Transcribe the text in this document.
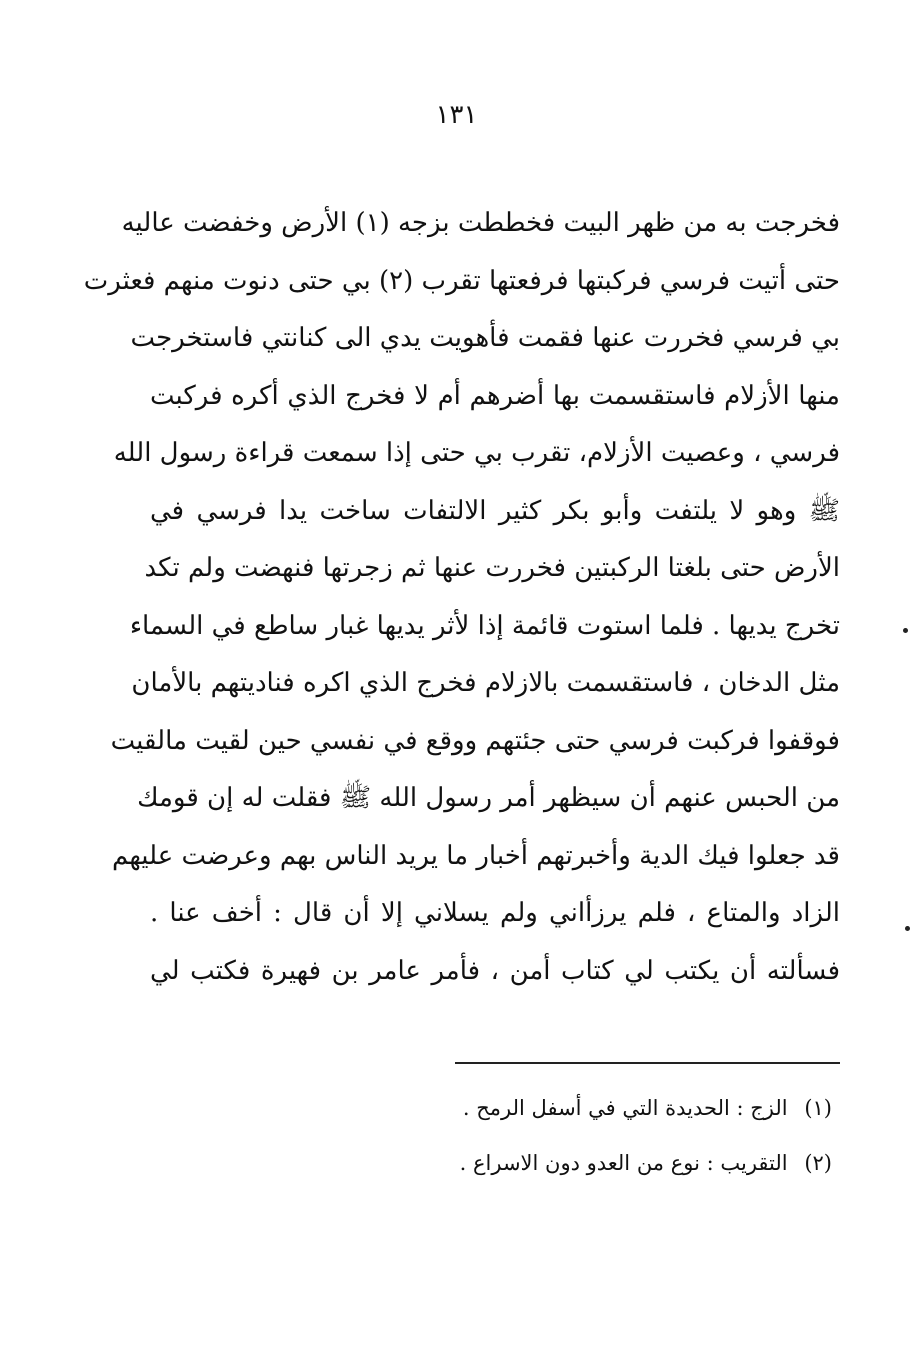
١٣١
فخرجت به من ظهر البيت فخططت بزجه (١) الأرض وخفضت عاليه
حتى أتيت فرسي فركبتها فرفعتها تقرب (٢) بي حتى دنوت منهم فعثرت
بي فرسي فخررت عنها فقمت فأهويت يدي الى كنانتي فاستخرجت
منها الأزلام فاستقسمت بها أضرهم أم لا فخرج الذي أكره فركبت
فرسي ، وعصيت الأزلام، تقرب بي حتى إذا سمعت قراءة رسول الله
ﷺ وهو لا يلتفت وأبو بكر كثير الالتفات ساخت يدا فرسي في
الأرض حتى بلغتا الركبتين فخررت عنها ثم زجرتها فنهضت ولم تكد
تخرج يديها . فلما استوت قائمة إذا لأثر يديها غبار ساطع في السماء
مثل الدخان ، فاستقسمت بالازلام فخرج الذي اكره فناديتهم بالأمان
فوقفوا فركبت فرسي حتى جئتهم ووقع في نفسي حين لقيت مالقيت
من الحبس عنهم أن سيظهر أمر رسول الله ﷺ فقلت له إن قومك
قد جعلوا فيك الدية وأخبرتهم أخبار ما يريد الناس بهم وعرضت عليهم
الزاد والمتاع ، فلم يرزأاني ولم يسلاني إلا أن قال : أخف عنا .
فسألته أن يكتب لي كتاب أمن ، فأمر عامر بن فهيرة فكتب لي
(١) الزج : الحديدة التي في أسفل الرمح .
(٢) التقريب : نوع من العدو دون الاسراع .
